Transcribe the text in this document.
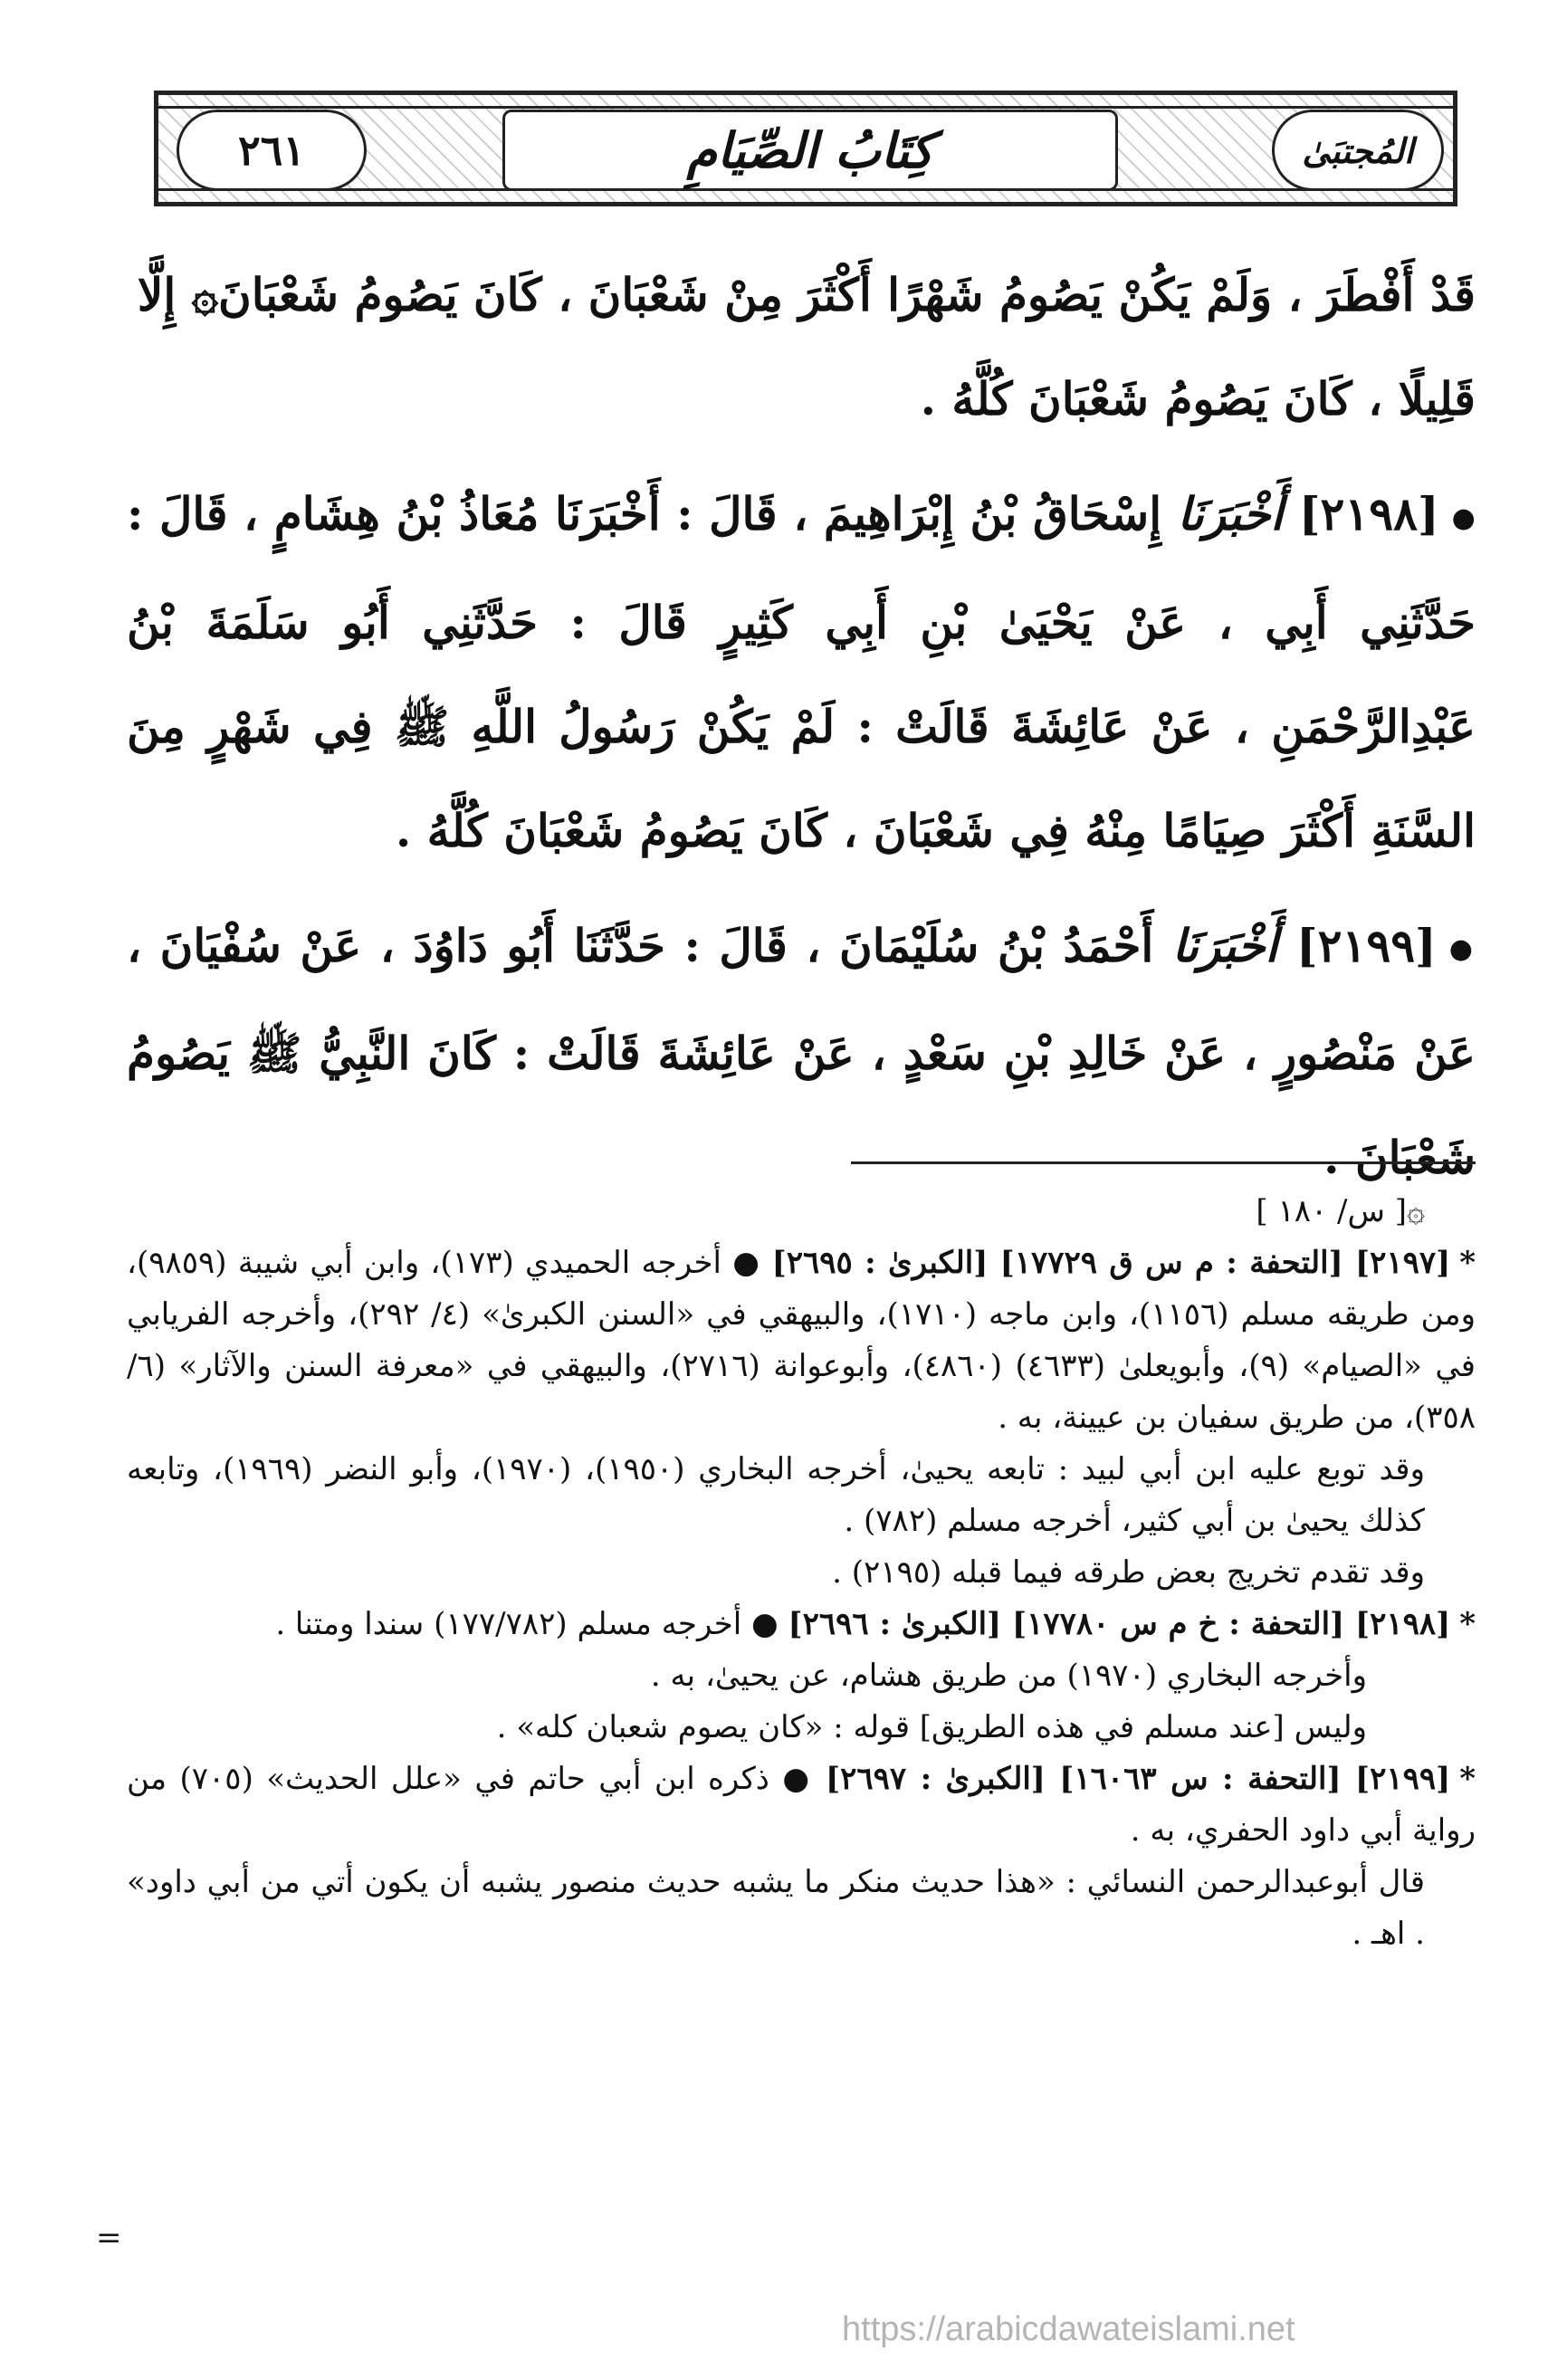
٢٦١	كِتَابُ الصِّيَامِ	المُجتبَىٰ

قَدْ أَفْطَرَ ، وَلَمْ يَكُنْ يَصُومُ شَهْرًا أَكْثَرَ مِنْ شَعْبَانَ ، كَانَ يَصُومُ شَعْبَانَ۞ إِلَّا
قَلِيلًا ، كَانَ يَصُومُ شَعْبَانَ كُلَّهُ .

●[٢١٩٨] أَخْبَرَنَا إِسْحَاقُ بْنُ إِبْرَاهِيمَ ، قَالَ : أَخْبَرَنَا مُعَاذُ بْنُ هِشَامٍ ، قَالَ : حَدَّثَنِي أَبِي ، عَنْ يَحْيَىٰ بْنِ أَبِي كَثِيرٍ قَالَ : حَدَّثَنِي أَبُو سَلَمَةَ بْنُ عَبْدِالرَّحْمَنِ ، عَنْ عَائِشَةَ قَالَتْ : لَمْ يَكُنْ رَسُولُ اللَّهِ ﷺ فِي شَهْرٍ مِنَ السَّنَةِ أَكْثَرَ صِيَامًا مِنْهُ فِي شَعْبَانَ ، كَانَ يَصُومُ شَعْبَانَ كُلَّهُ .

●[٢١٩٩] أَخْبَرَنَا أَحْمَدُ بْنُ سُلَيْمَانَ ، قَالَ : حَدَّثَنَا أَبُو دَاوُدَ ، عَنْ سُفْيَانَ ، عَنْ مَنْصُورٍ ، عَنْ خَالِدِ بْنِ سَعْدٍ ، عَنْ عَائِشَةَ قَالَتْ : كَانَ النَّبِيُّ ﷺ يَصُومُ شَعْبَانَ .

۞[ س/ ١٨٠ ]

*[٢١٩٧] [التحفة : م س ق ١٧٧٢٩] [الكبرىٰ : ٢٦٩٥] ● أخرجه الحميدي (١٧٣)، وابن أبي شيبة (٩٨٥٩)، ومن طريقه مسلم (١١٥٦)، وابن ماجه (١٧١٠)، والبيهقي في «السنن الكبرىٰ» (٤/ ٢٩٢)، وأخرجه الفريابي في «الصيام» (٩)، وأبويعلىٰ (٤٦٣٣) (٤٨٦٠)، وأبوعوانة (٢٧١٦)، والبيهقي في «معرفة السنن والآثار» (٦/ ٣٥٨)، من طريق سفيان بن عيينة، به .

وقد توبع عليه ابن أبي لبيد : تابعه يحيىٰ، أخرجه البخاري (١٩٥٠)، (١٩٧٠)، وأبو النضر (١٩٦٩)، وتابعه كذلك يحيىٰ بن أبي كثير، أخرجه مسلم (٧٨٢) .

وقد تقدم تخريج بعض طرقه فيما قبله (٢١٩٥) .

*[٢١٩٨] [التحفة : خ م س ١٧٧٨٠] [الكبرىٰ : ٢٦٩٦] ● أخرجه مسلم (١٧٧/٧٨٢) سندا ومتنا .

وأخرجه البخاري (١٩٧٠) من طريق هشام، عن يحيىٰ، به .

وليس [عند مسلم في هذه الطريق] قوله : «كان يصوم شعبان كله» .

*[٢١٩٩] [التحفة : س ١٦٠٦٣] [الكبرىٰ : ٢٦٩٧] ● ذكره ابن أبي حاتم في «علل الحديث» (٧٠٥) من رواية أبي داود الحفري، به .

قال أبوعبدالرحمن النسائي : «هذا حديث منكر ما يشبه حديث منصور يشبه أن يكون أتي من أبي داود» . اهـ .

=
https://arabicdawateislami.net
